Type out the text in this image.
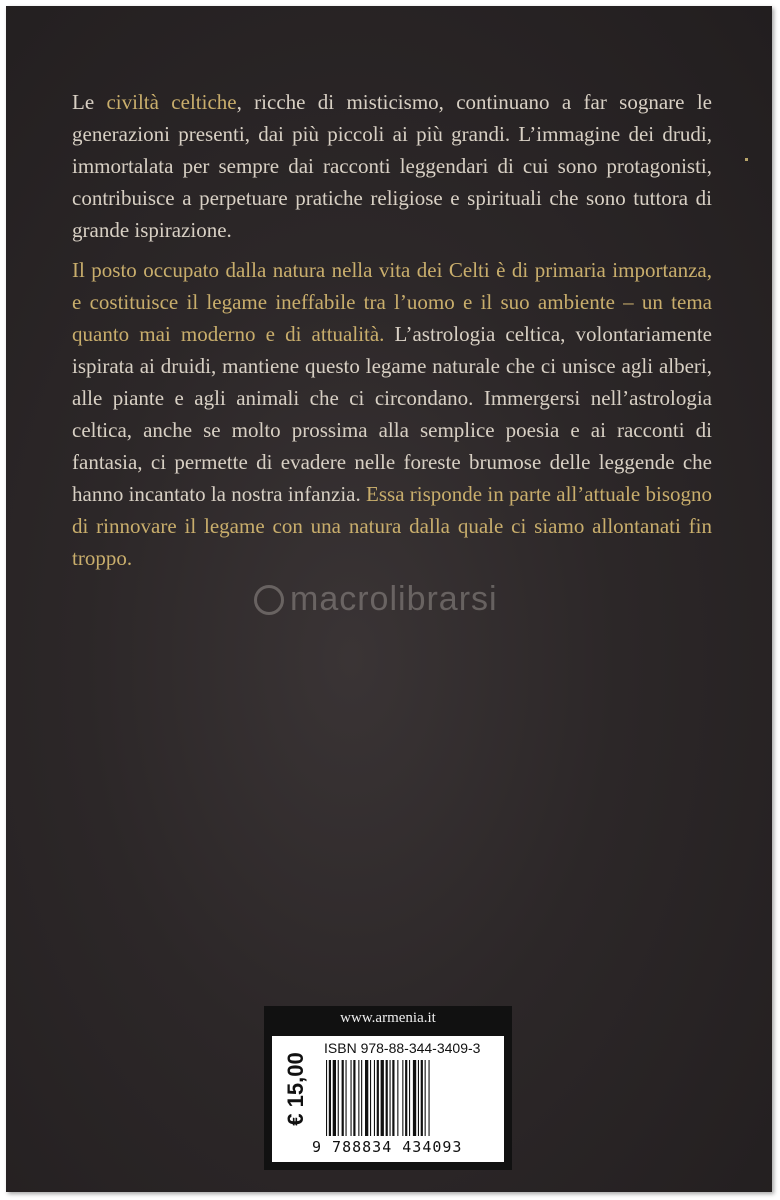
Le civiltà celtiche, ricche di misticismo, continuano a far sognare le generazioni presenti, dai più piccoli ai più grandi. L’immagine dei drudi, immortalata per sempre dai racconti leggendari di cui sono protagonisti, contribuisce a perpetuare pratiche religiose e spirituali che sono tuttora di grande ispirazione.

Il posto occupato dalla natura nella vita dei Celti è di primaria importanza, e costituisce il legame ineffabile tra l’uomo e il suo ambiente – un tema quanto mai moderno e di attualità. L’astrologia celtica, volontariamente ispirata ai druidi, mantiene questo legame naturale che ci unisce agli alberi, alle piante e agli animali che ci circondano. Immergersi nell’astrologia celtica, anche se molto prossima alla semplice poesia e ai racconti di fantasia, ci permette di evadere nelle foreste brumose delle leggende che hanno incantato la nostra infanzia. Essa risponde in parte all’attuale bisogno di rinnovare il legame con una natura dalla quale ci siamo allontanati fin troppo.

macrolibrarsi
www.armenia.it
€ 15,00
ISBN 978-88-344-3409-3
9 788834 434093
